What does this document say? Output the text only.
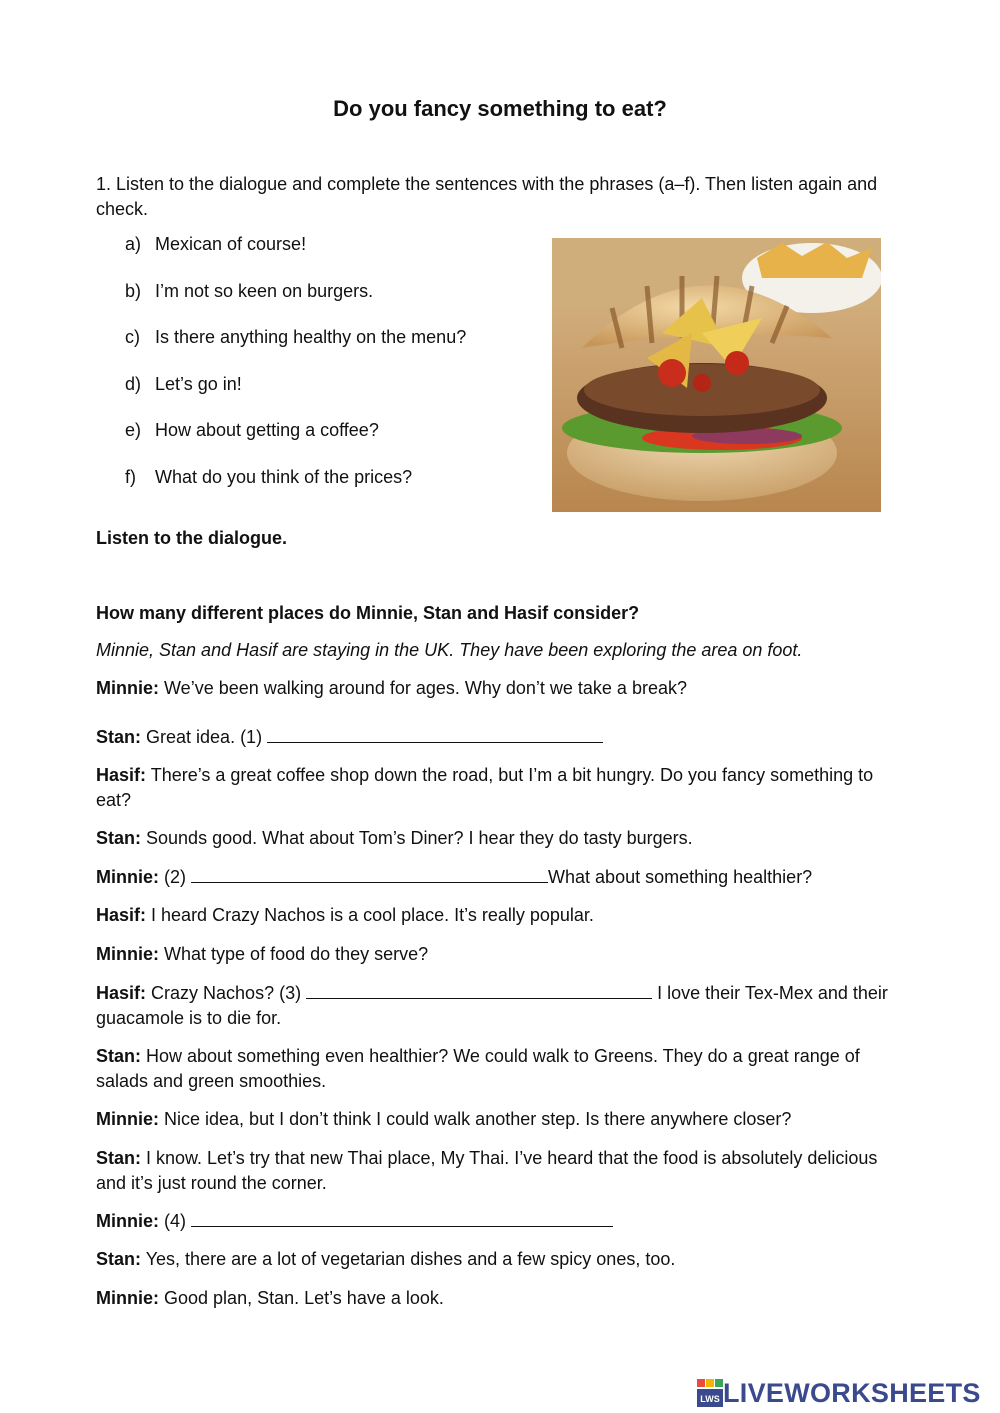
Do you fancy something to eat?
1. Listen to the dialogue and complete the sentences with the phrases (a–f). Then listen again and check.
a) Mexican of course!
b) I’m not so keen on burgers.
c) Is there anything healthy on the menu?
d) Let’s go in!
e) How about getting a coffee?
f)	What do you think of the prices?
Listen to the dialogue.
How many different places do Minnie, Stan and Hasif consider?
Minnie, Stan and Hasif are staying in the UK. They have been exploring the area on foot.
Minnie: We’ve been walking around for ages. Why don’t we take a break?
Stan: Great idea. (1)
Hasif: There’s a great coffee shop down the road, but I’m a bit hungry. Do you fancy something to eat?
Stan: Sounds good. What about Tom’s Diner? I hear they do tasty burgers.
Minnie: (2)	What about something healthier?
Hasif: I heard Crazy Nachos is a cool place. It’s really popular.
Minnie: What type of food do they serve?
Hasif: Crazy Nachos? (3)	I love their Tex-Mex and their guacamole is to die for.
Stan: How about something even healthier? We could walk to Greens. They do a great range of salads and green smoothies.
Minnie: Nice idea, but I don’t think I could walk another step. Is there anywhere closer?
Stan: I know. Let’s try that new Thai place, My Thai. I’ve heard that the food is absolutely delicious and it’s just round the corner.
Minnie: (4)
Stan: Yes, there are a lot of vegetarian dishes and a few spicy ones, too.
Minnie: Good plan, Stan. Let’s have a look.
LWS LIVEWORKSHEETS
